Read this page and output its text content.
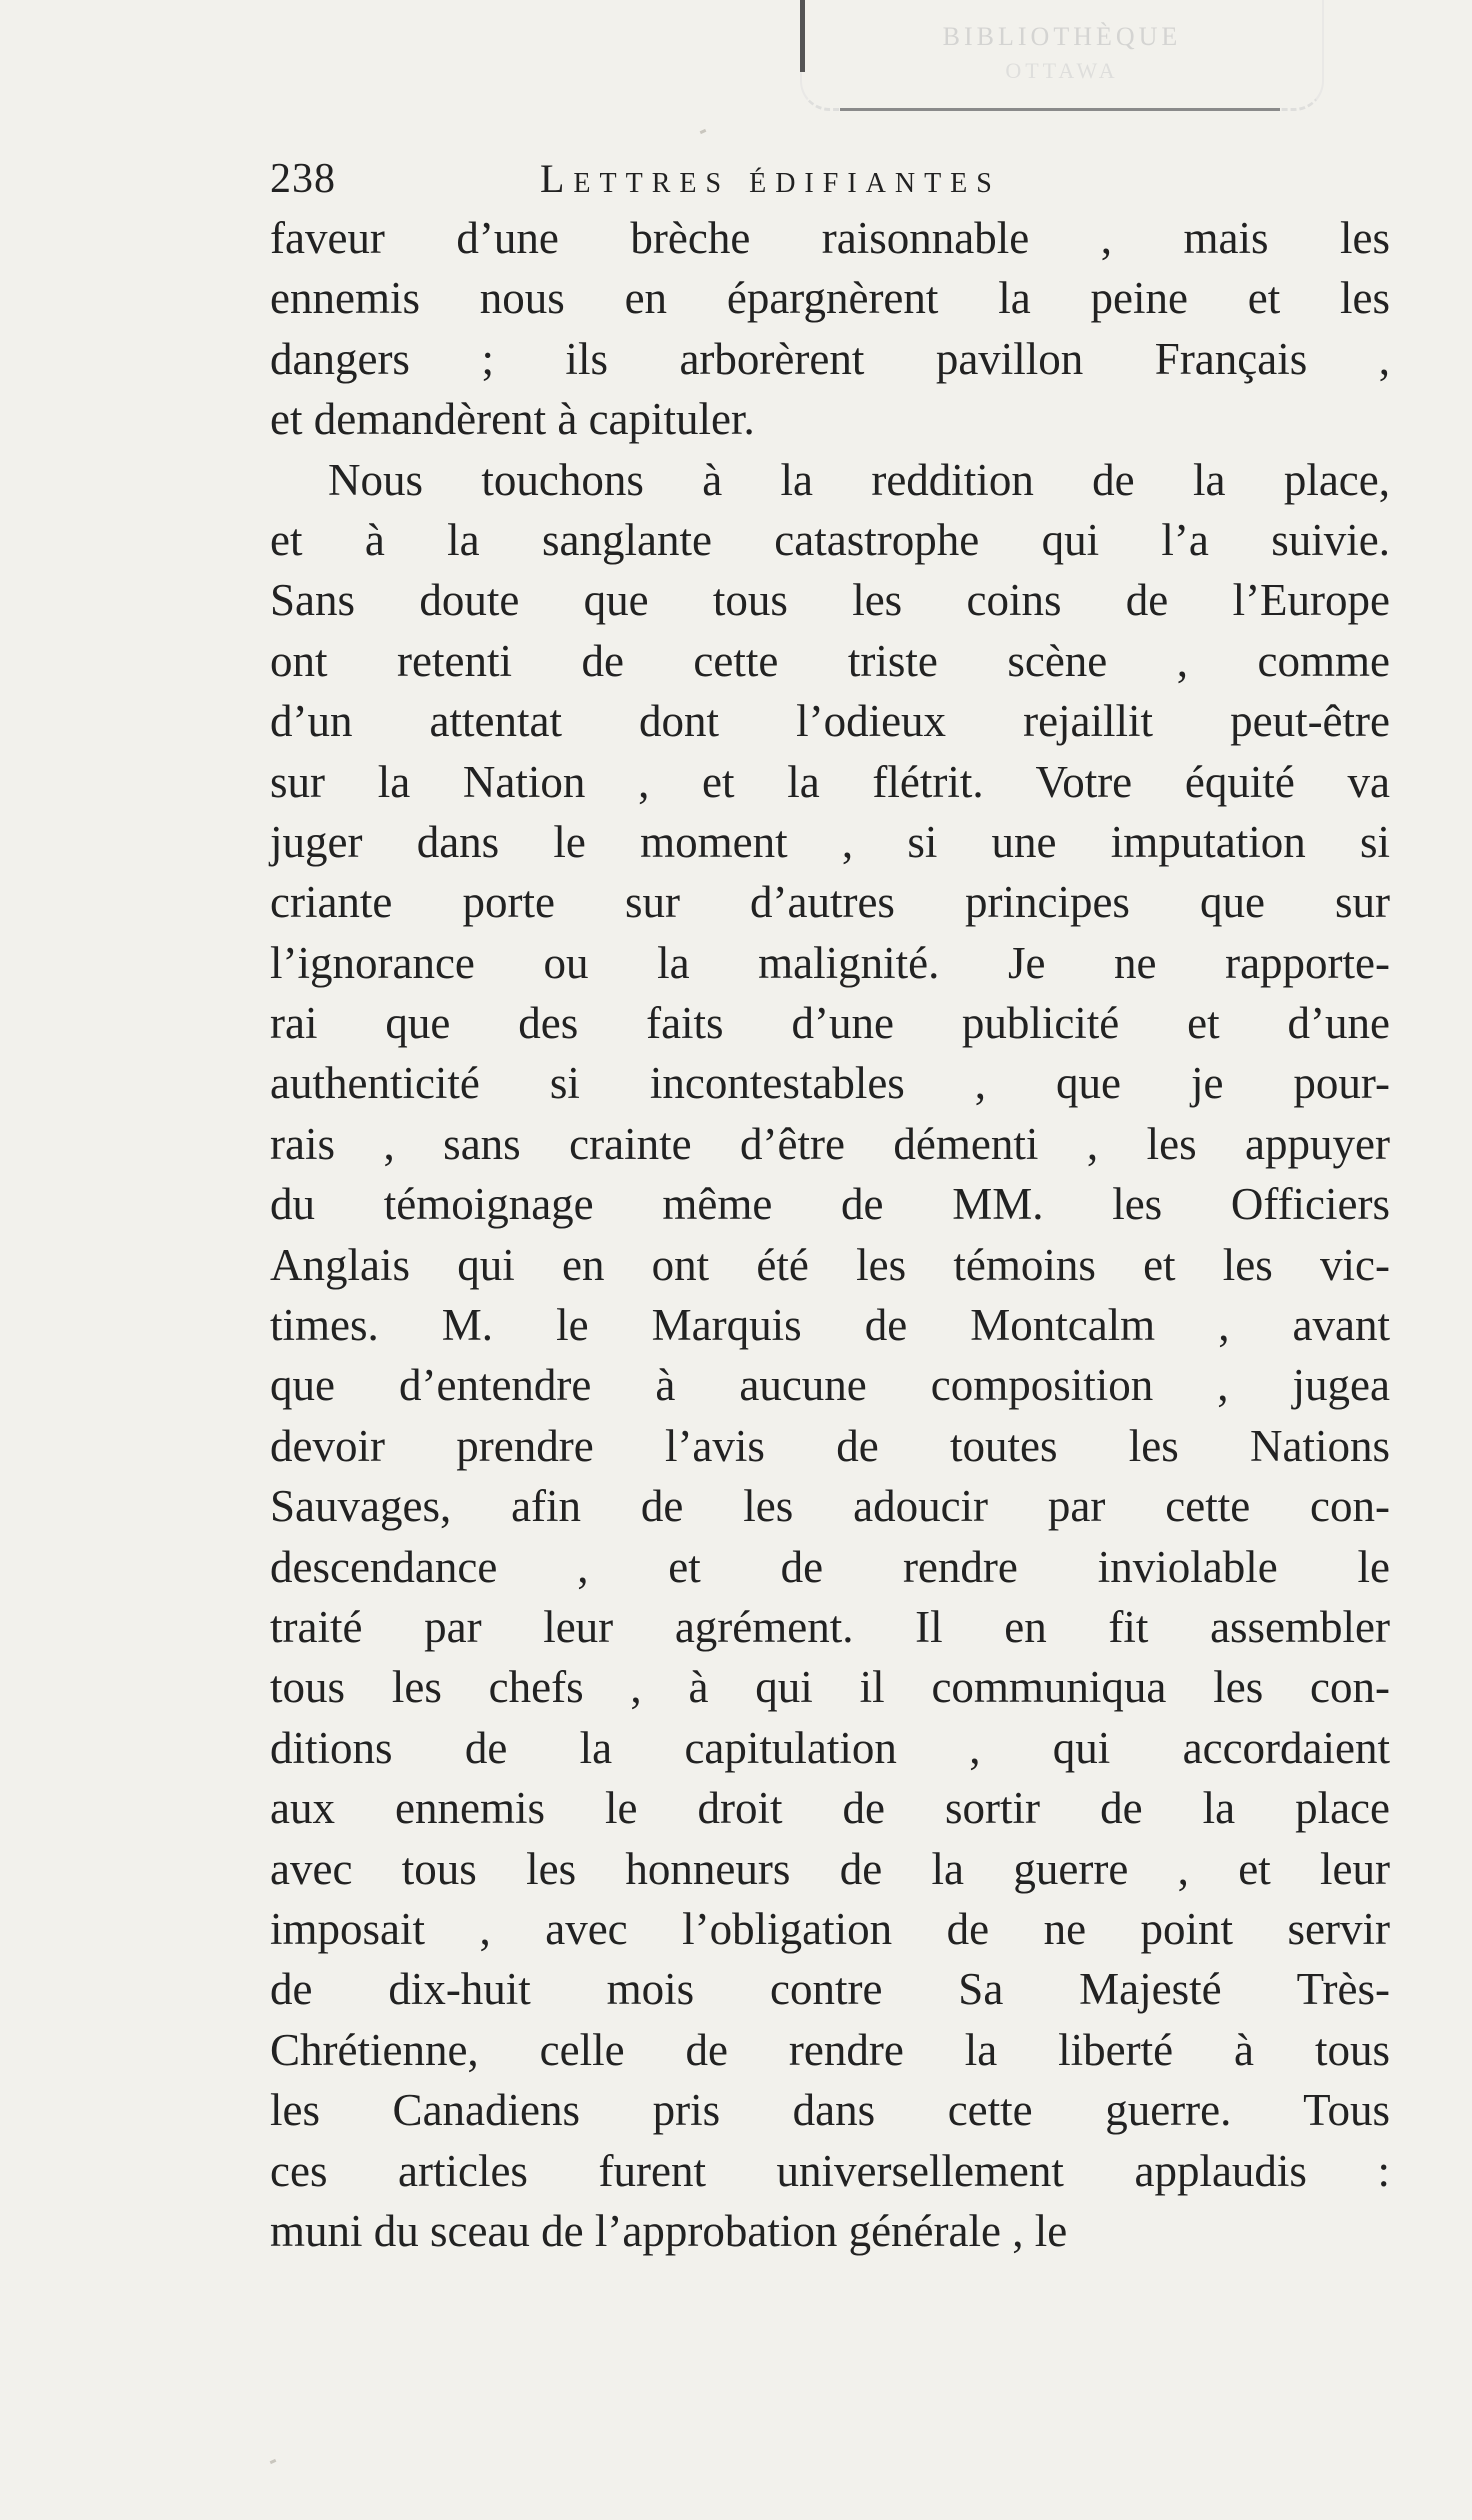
BIBLIOTHÈQUE
OTTAWA
238	Lettres édifiantes
faveur d’une brèche raisonnable , mais les
ennemis nous en épargnèrent la peine et les
dangers ; ils arborèrent pavillon Français ,
et demandèrent à capituler.
Nous touchons à la reddition de la place,
et à la sanglante catastrophe qui l’a suivie.
Sans doute que tous les coins de l’Europe
ont retenti de cette triste scène , comme
d’un attentat dont l’odieux rejaillit peut-être
sur la Nation , et la flétrit. Votre équité va
juger dans le moment , si une imputation si
criante porte sur d’autres principes que sur
l’ignorance ou la malignité. Je ne rapporte-
rai que des faits d’une publicité et d’une
authenticité si incontestables , que je pour-
rais , sans crainte d’être démenti , les appuyer
du témoignage même de MM. les Officiers
Anglais qui en ont été les témoins et les vic-
times. M. le Marquis de Montcalm , avant
que d’entendre à aucune composition , jugea
devoir prendre l’avis de toutes les Nations
Sauvages, afin de les adoucir par cette con-
descendance , et de rendre inviolable le
traité par leur agrément. Il en fit assembler
tous les chefs , à qui il communiqua les con-
ditions de la capitulation , qui accordaient
aux ennemis le droit de sortir de la place
avec tous les honneurs de la guerre , et leur
imposait , avec l’obligation de ne point servir
de dix-huit mois contre Sa Majesté Très-
Chrétienne, celle de rendre la liberté à tous
les Canadiens pris dans cette guerre. Tous
ces articles furent universellement applaudis :
muni du sceau de l’approbation générale , le
